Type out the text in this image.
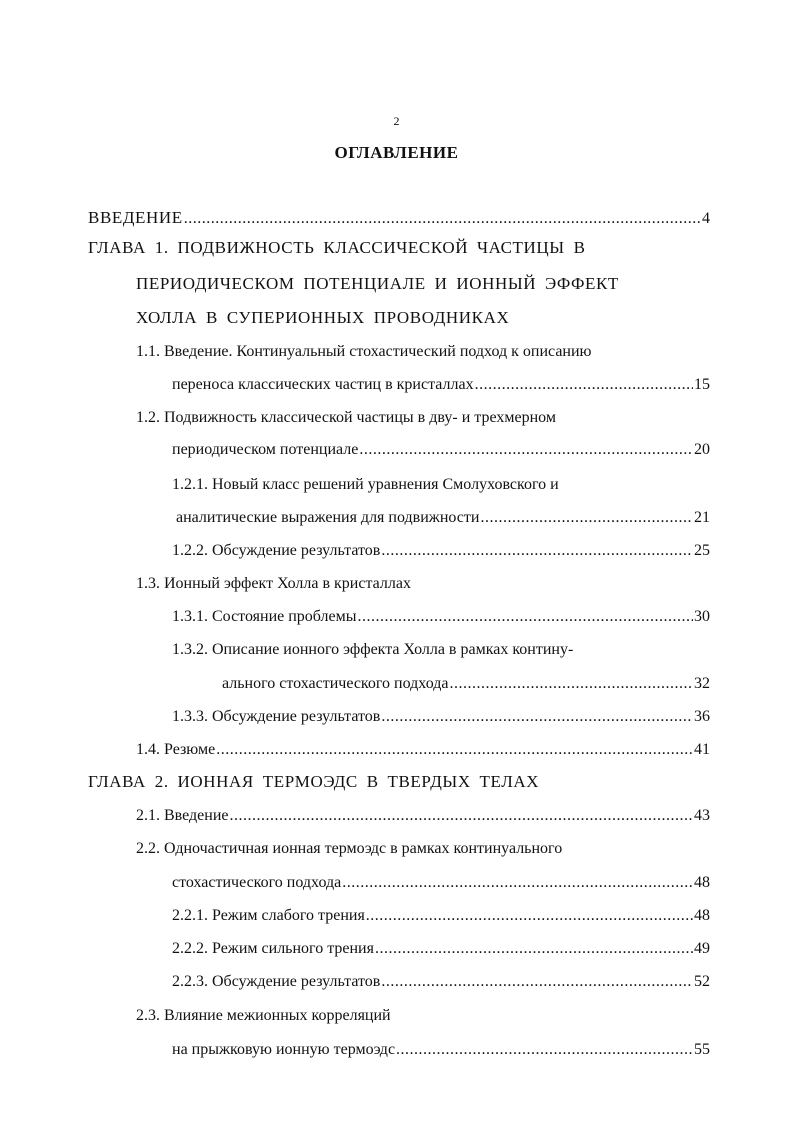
2
ОГЛАВЛЕНИЕ
ВВЕДЕНИЕ .....	4
ГЛАВА 1. ПОДВИЖНОСТЬ КЛАССИЧЕСКОЙ ЧАСТИЦЫ В
ПЕРИОДИЧЕСКОМ ПОТЕНЦИАЛЕ И ИОННЫЙ ЭФФЕКТ
ХОЛЛА В СУПЕРИОННЫХ ПРОВОДНИКАХ
1.1. Введение. Континуальный стохастический подход к описанию
переноса классических частиц в кристаллах .....	15
1.2. Подвижность классической частицы в дву- и трехмерном
периодическом потенциале .....	20
1.2.1. Новый класс решений уравнения Смолуховского и
аналитические выражения для подвижности .....	21
1.2.2. Обсуждение результатов .....	25
1.3. Ионный эффект Холла в кристаллах
1.3.1. Состояние проблемы .....	30
1.3.2. Описание ионного эффекта Холла в рамках контину-
ального стохастического подхода .....	32
1.3.3. Обсуждение результатов .....	36
1.4. Резюме .....	41
ГЛАВА 2. ИОННАЯ ТЕРМОЭДС В ТВЕРДЫХ ТЕЛАХ
2.1. Введение .....	43
2.2. Одночастичная ионная термоэдс в рамках континуального
стохастического подхода .....	48
2.2.1. Режим слабого трения .....	48
2.2.2. Режим сильного трения .....	49
2.2.3. Обсуждение результатов .....	52
2.3. Влияние межионных корреляций
на прыжковую ионную термоэдс .....	55
